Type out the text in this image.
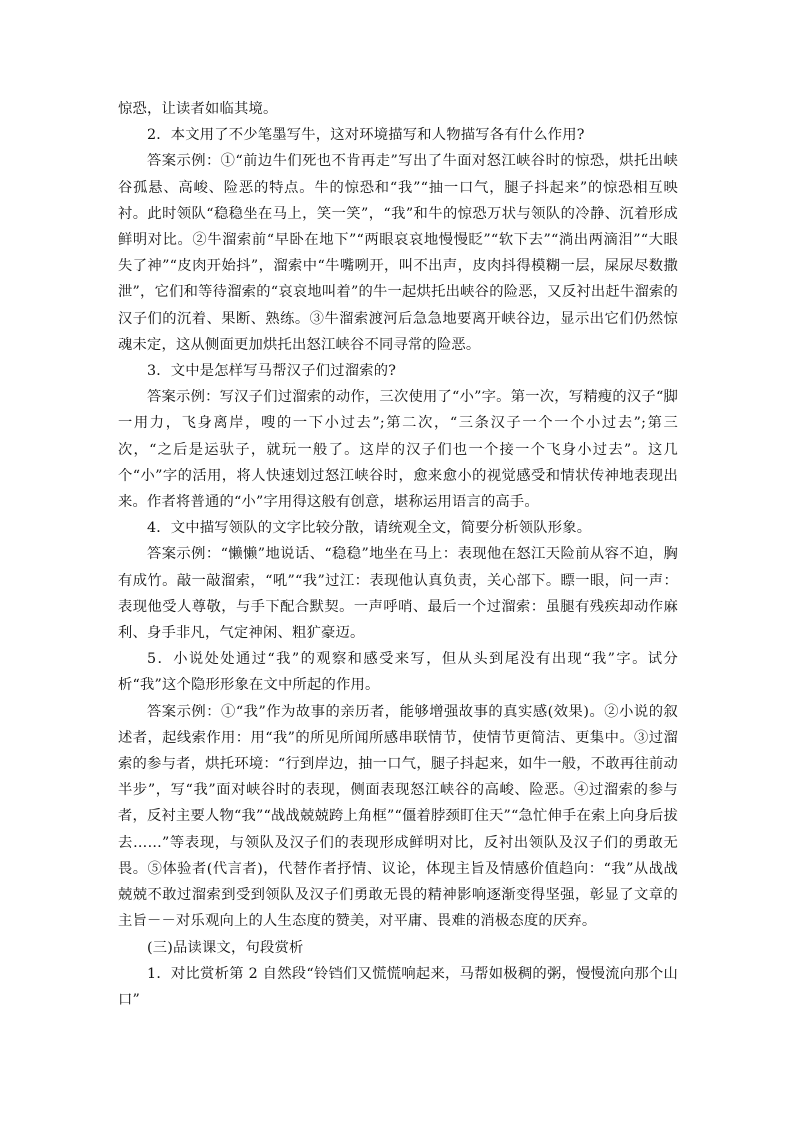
惊恐，让读者如临其境。

2．本文用了不少笔墨写牛，这对环境描写和人物描写各有什么作用?

答案示例：①“前边牛们死也不肯再走”写出了牛面对怒江峡谷时的惊恐，烘托出峡谷孤悬、高峻、险恶的特点。牛的惊恐和“我”“抽一口气，腿子抖起来”的惊恐相互映衬。此时领队“稳稳坐在马上，笑一笑”，“我”和牛的惊恐万状与领队的冷静、沉着形成鲜明对比。②牛溜索前“早卧在地下”“两眼哀哀地慢慢眨”“软下去”“淌出两滴泪”“大眼失了神”“皮肉开始抖”，溜索中“牛嘴咧开，叫不出声，皮肉抖得模糊一层，屎尿尽数撒泄”，它们和等待溜索的“哀哀地叫着”的牛一起烘托出峡谷的险恶，又反衬出赶牛溜索的汉子们的沉着、果断、熟练。③牛溜索渡河后急急地要离开峡谷边，显示出它们仍然惊魂未定，这从侧面更加烘托出怒江峡谷不同寻常的险恶。

3．文中是怎样写马帮汉子们过溜索的?

答案示例：写汉子们过溜索的动作，三次使用了“小”字。第一次，写精瘦的汉子“脚一用力，飞身离岸，嗖的一下小过去”;第二次，“三条汉子一个一个小过去”;第三次，“之后是运驮子，就玩一般了。这岸的汉子们也一个接一个飞身小过去”。这几个“小”字的活用，将人快速划过怒江峡谷时，愈来愈小的视觉感受和情状传神地表现出来。作者将普通的“小”字用得这般有创意，堪称运用语言的高手。

4．文中描写领队的文字比较分散，请统观全文，简要分析领队形象。

答案示例：“懒懒”地说话、“稳稳”地坐在马上：表现他在怒江天险前从容不迫，胸有成竹。敲一敲溜索，“吼”“我”过江：表现他认真负责，关心部下。瞟一眼，问一声：表现他受人尊敬，与手下配合默契。一声呼哨、最后一个过溜索：虽腿有残疾却动作麻利、身手非凡，气定神闲、粗犷豪迈。

5．小说处处通过“我”的观察和感受来写，但从头到尾没有出现“我”字。试分析“我”这个隐形形象在文中所起的作用。

答案示例：①“我”作为故事的亲历者，能够增强故事的真实感(效果)。②小说的叙述者，起线索作用：用“我”的所见所闻所感串联情节，使情节更简洁、更集中。③过溜索的参与者，烘托环境：“行到岸边，抽一口气，腿子抖起来，如牛一般，不敢再往前动半步”，写“我”面对峡谷时的表现，侧面表现怒江峡谷的高峻、险恶。④过溜索的参与者，反衬主要人物“我”“战战兢兢跨上角框”“僵着脖颈盯住天”“急忙伸手在索上向身后拔去……”等表现，与领队及汉子们的表现形成鲜明对比，反衬出领队及汉子们的勇敢无畏。⑤体验者(代言者)，代替作者抒情、议论，体现主旨及情感价值趋向：“我”从战战兢兢不敢过溜索到受到领队及汉子们勇敢无畏的精神影响逐渐变得坚强，彰显了文章的主旨－－对乐观向上的人生态度的赞美，对平庸、畏难的消极态度的厌弃。

(三)品读课文，句段赏析

1．对比赏析第 2 自然段“铃铛们又慌慌响起来，马帮如极稠的粥，慢慢流向那个山口”
